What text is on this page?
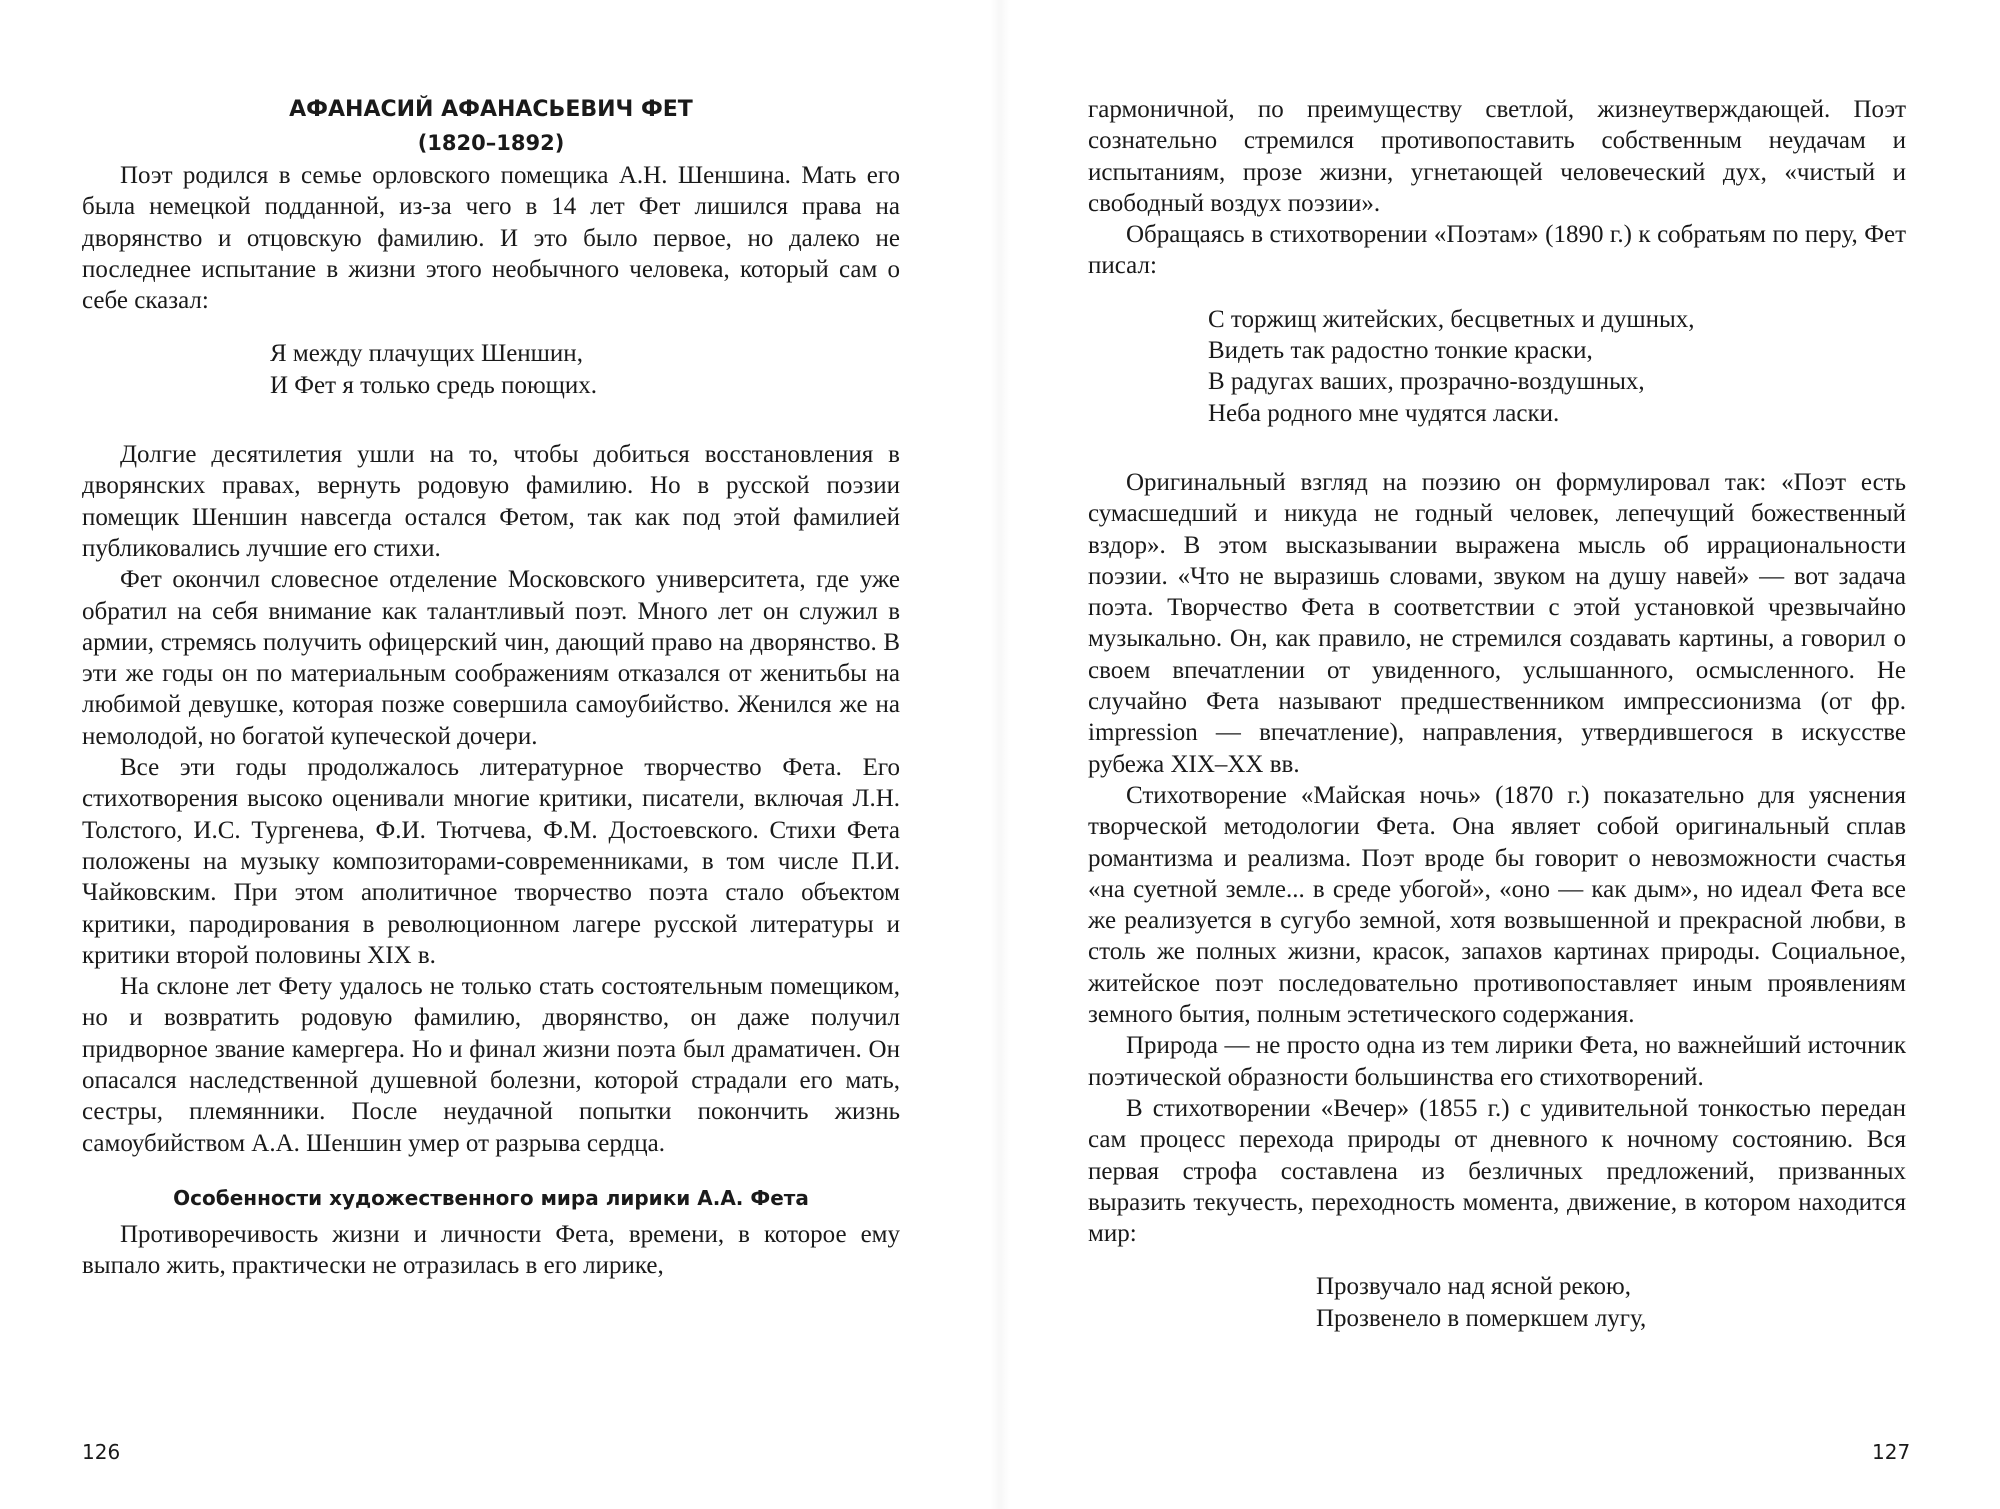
АФАНАСИЙ АФАНАСЬЕВИЧ ФЕТ
(1820–1892)

Поэт родился в семье орловского помещика А.Н. Шеншина. Мать его была немецкой подданной, из-за чего в 14 лет Фет лишился права на дворянство и отцовскую фамилию. И это было первое, но далеко не последнее испытание в жизни этого необычного человека, который сам о себе сказал:

Я между плачущих Шеншин,
И Фет я только средь поющих.

Долгие десятилетия ушли на то, чтобы добиться восстановления в дворянских правах, вернуть родовую фамилию. Но в русской поэзии помещик Шеншин навсегда остался Фетом, так как под этой фамилией публиковались лучшие его стихи.

Фет окончил словесное отделение Московского университета, где уже обратил на себя внимание как талантливый поэт. Много лет он служил в армии, стремясь получить офицерский чин, дающий право на дворянство. В эти же годы он по материальным соображениям отказался от женитьбы на любимой девушке, которая позже совершила самоубийство. Женился же на немолодой, но богатой купеческой дочери.

Все эти годы продолжалось литературное творчество Фета. Его стихотворения высоко оценивали многие критики, писатели, включая Л.Н. Толстого, И.С. Тургенева, Ф.И. Тютчева, Ф.М. Достоевского. Стихи Фета положены на музыку композиторами-современниками, в том числе П.И. Чайковским. При этом аполитичное творчество поэта стало объектом критики, пародирования в революционном лагере русской литературы и критики второй половины XIX в.

На склоне лет Фету удалось не только стать состоятельным помещиком, но и возвратить родовую фамилию, дворянство, он даже получил придворное звание камергера. Но и финал жизни поэта был драматичен. Он опасался наследственной душевной болезни, которой страдали его мать, сестры, племянники. После неудачной попытки покончить жизнь самоубийством А.А. Шеншин умер от разрыва сердца.

Особенности художественного мира лирики А.А. Фета

Противоречивость жизни и личности Фета, времени, в которое ему выпало жить, практически не отразилась в его лирике,

126

гармоничной, по преимуществу светлой, жизнеутверждающей. Поэт сознательно стремился противопоставить собственным неудачам и испытаниям, прозе жизни, угнетающей человеческий дух, «чистый и свободный воздух поэзии».

Обращаясь в стихотворении «Поэтам» (1890 г.) к собратьям по перу, Фет писал:

С торжищ житейских, бесцветных и душных,
Видеть так радостно тонкие краски,
В радугах ваших, прозрачно-воздушных,
Неба родного мне чудятся ласки.

Оригинальный взгляд на поэзию он формулировал так: «Поэт есть сумасшедший и никуда не годный человек, лепечущий божественный вздор». В этом высказывании выражена мысль об иррациональности поэзии. «Что не выразишь словами, звуком на душу навей» — вот задача поэта. Творчество Фета в соответствии с этой установкой чрезвычайно музыкально. Он, как правило, не стремился создавать картины, а говорил о своем впечатлении от увиденного, услышанного, осмысленного. Не случайно Фета называют предшественником импрессионизма (от фр. impression — впечатление), направления, утвердившегося в искусстве рубежа XIX–XX вв.

Стихотворение «Майская ночь» (1870 г.) показательно для уяснения творческой методологии Фета. Она являет собой оригинальный сплав романтизма и реализма. Поэт вроде бы говорит о невозможности счастья «на суетной земле... в среде убогой», «оно — как дым», но идеал Фета все же реализуется в сугубо земной, хотя возвышенной и прекрасной любви, в столь же полных жизни, красок, запахов картинах природы. Социальное, житейское поэт последовательно противопоставляет иным проявлениям земного бытия, полным эстетического содержания.

Природа — не просто одна из тем лирики Фета, но важнейший источник поэтической образности большинства его стихотворений.

В стихотворении «Вечер» (1855 г.) с удивительной тонкостью передан сам процесс перехода природы от дневного к ночному состоянию. Вся первая строфа составлена из безличных предложений, призванных выразить текучесть, переходность момента, движение, в котором находится мир:

Прозвучало над ясной рекою,
Прозвенело в померкшем лугу,
127
